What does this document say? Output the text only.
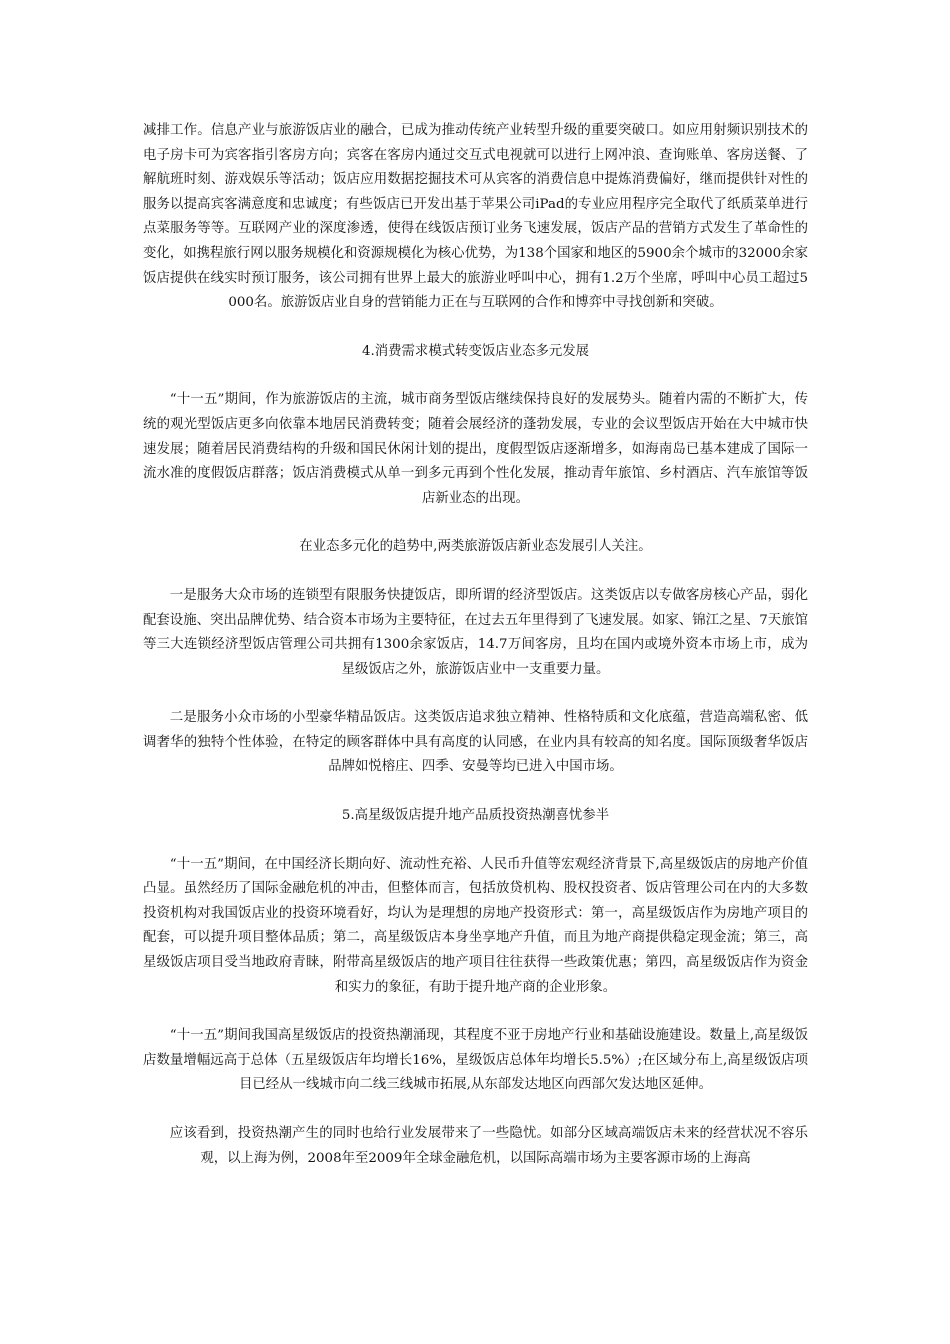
减排工作。信息产业与旅游饭店业的融合，已成为推动传统产业转型升级的重要突破口。如应用射频识别技术的电子房卡可为宾客指引客房方向；宾客在客房内通过交互式电视就可以进行上网冲浪、查询账单、客房送餐、了解航班时刻、游戏娱乐等活动；饭店应用数据挖掘技术可从宾客的消费信息中提炼消费偏好，继而提供针对性的服务以提高宾客满意度和忠诚度；有些饭店已开发出基于苹果公司iPad的专业应用程序完全取代了纸质菜单进行点菜服务等等。互联网产业的深度渗透，使得在线饭店预订业务飞速发展，饭店产品的营销方式发生了革命性的变化，如携程旅行网以服务规模化和资源规模化为核心优势，为138个国家和地区的5900余个城市的32000余家饭店提供在线实时预订服务，该公司拥有世界上最大的旅游业呼叫中心，拥有1.2万个坐席，呼叫中心员工超过5000名。旅游饭店业自身的营销能力正在与互联网的合作和博弈中寻找创新和突破。

4.消费需求模式转变饭店业态多元发展

“十一五”期间，作为旅游饭店的主流，城市商务型饭店继续保持良好的发展势头。随着内需的不断扩大，传统的观光型饭店更多向依靠本地居民消费转变；随着会展经济的蓬勃发展，专业的会议型饭店开始在大中城市快速发展；随着居民消费结构的升级和国民休闲计划的提出，度假型饭店逐渐增多，如海南岛已基本建成了国际一流水准的度假饭店群落；饭店消费模式从单一到多元再到个性化发展，推动青年旅馆、乡村酒店、汽车旅馆等饭店新业态的出现。

在业态多元化的趋势中,两类旅游饭店新业态发展引人关注。

一是服务大众市场的连锁型有限服务快捷饭店，即所谓的经济型饭店。这类饭店以专做客房核心产品，弱化配套设施、突出品牌优势、结合资本市场为主要特征，在过去五年里得到了飞速发展。如家、锦江之星、7天旅馆等三大连锁经济型饭店管理公司共拥有1300余家饭店，14.7万间客房，且均在国内或境外资本市场上市，成为星级饭店之外，旅游饭店业中一支重要力量。

二是服务小众市场的小型豪华精品饭店。这类饭店追求独立精神、性格特质和文化底蕴，营造高端私密、低调奢华的独特个性体验，在特定的顾客群体中具有高度的认同感，在业内具有较高的知名度。国际顶级奢华饭店品牌如悦榕庄、四季、安曼等均已进入中国市场。

5.高星级饭店提升地产品质投资热潮喜忧参半

“十一五”期间，在中国经济长期向好、流动性充裕、人民币升值等宏观经济背景下,高星级饭店的房地产价值凸显。虽然经历了国际金融危机的冲击，但整体而言，包括放贷机构、股权投资者、饭店管理公司在内的大多数投资机构对我国饭店业的投资环境看好，均认为是理想的房地产投资形式：第一，高星级饭店作为房地产项目的配套，可以提升项目整体品质；第二，高星级饭店本身坐享地产升值，而且为地产商提供稳定现金流；第三，高星级饭店项目受当地政府青睐，附带高星级饭店的地产项目往往获得一些政策优惠；第四，高星级饭店作为资金和实力的象征，有助于提升地产商的企业形象。

“十一五”期间我国高星级饭店的投资热潮涌现，其程度不亚于房地产行业和基础设施建设。数量上,高星级饭店数量增幅远高于总体（五星级饭店年均增长16%，星级饭店总体年均增长5.5%）;在区域分布上,高星级饭店项目已经从一线城市向二线三线城市拓展,从东部发达地区向西部欠发达地区延伸。

应该看到，投资热潮产生的同时也给行业发展带来了一些隐忧。如部分区域高端饭店未来的经营状况不容乐观，以上海为例，2008年至2009年全球金融危机，以国际高端市场为主要客源市场的上海高
